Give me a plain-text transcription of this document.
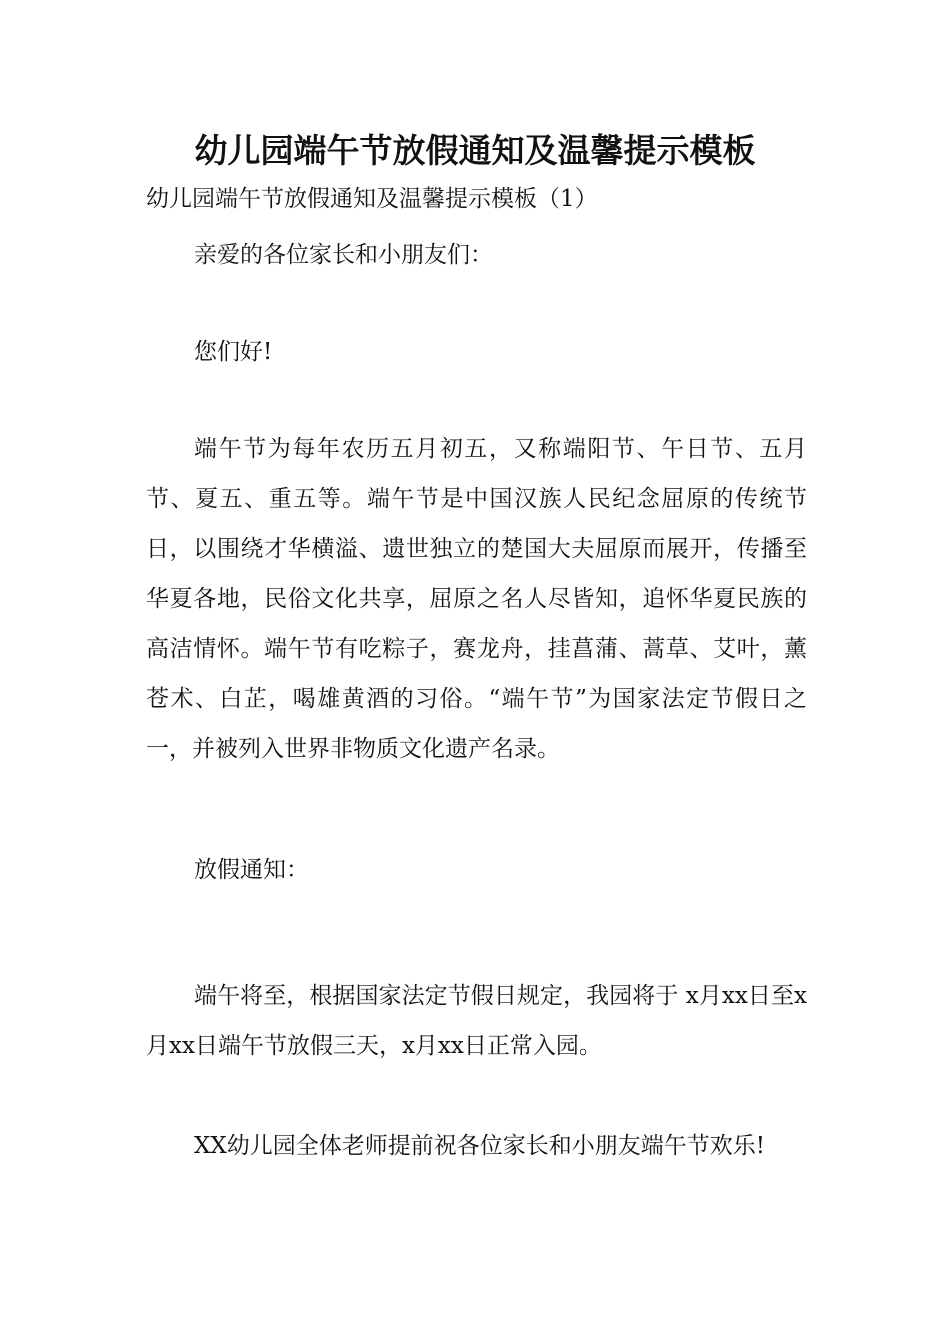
幼儿园端午节放假通知及温馨提示模板
幼儿园端午节放假通知及温馨提示模板（1）
亲爱的各位家长和小朋友们：
您们好!
端午节为每年农历五月初五，又称端阳节、午日节、五月节、夏五、重五等。端午节是中国汉族人民纪念屈原的传统节日，以围绕才华横溢、遗世独立的楚国大夫屈原而展开，传播至华夏各地，民俗文化共享，屈原之名人尽皆知，追怀华夏民族的高洁情怀。端午节有吃粽子，赛龙舟，挂菖蒲、蒿草、艾叶，薰苍术、白芷，喝雄黄酒的习俗。“端午节”为国家法定节假日之一，并被列入世界非物质文化遗产名录。
放假通知：
端午将至，根据国家法定节假日规定，我园将于 x月xx日至x月xx日端午节放假三天，x月xx日正常入园。
XX幼儿园全体老师提前祝各位家长和小朋友端午节欢乐!
